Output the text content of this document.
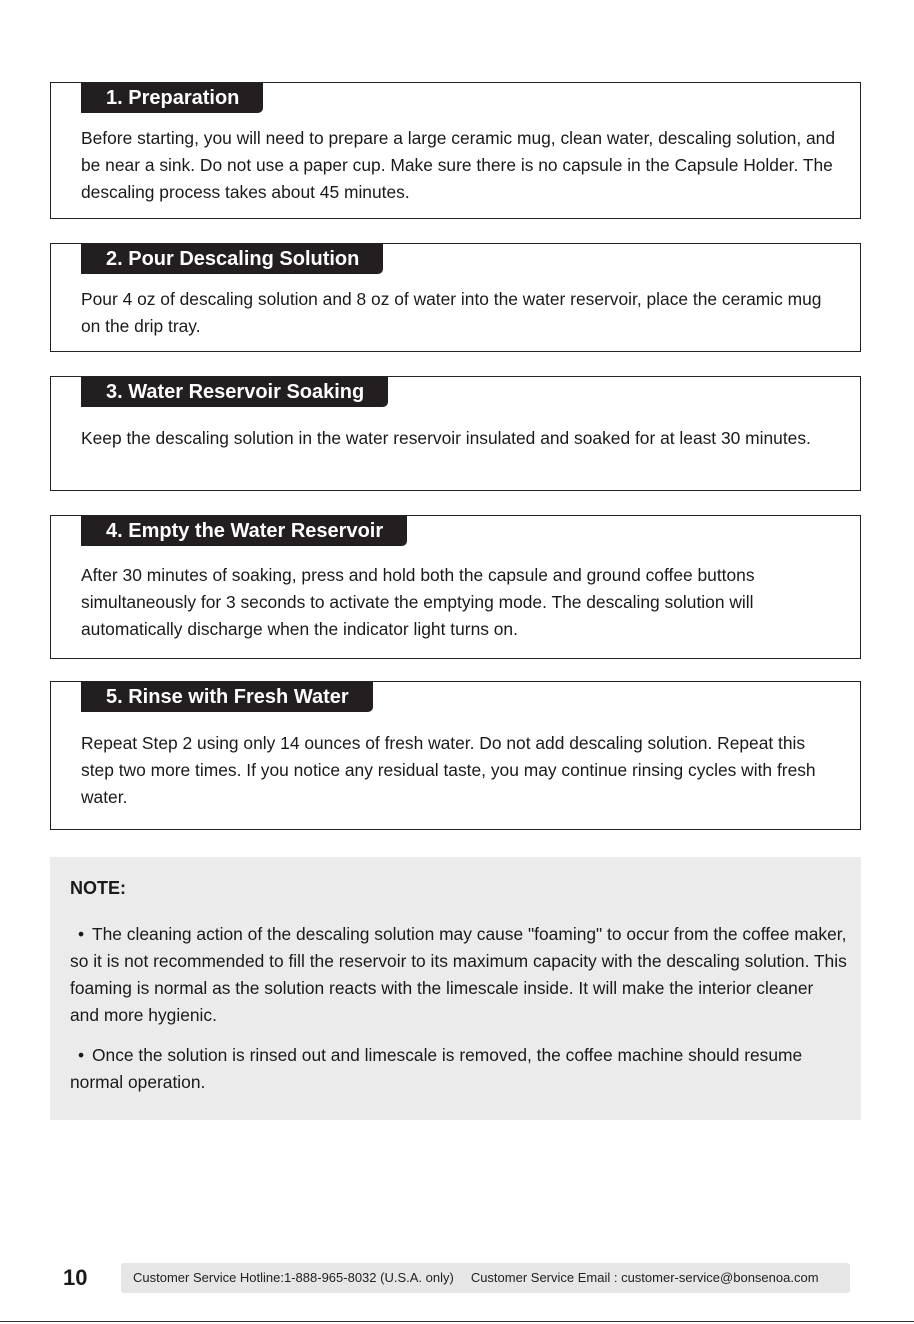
1. Preparation

Before starting, you will need to prepare a large ceramic mug, clean water, descaling solution, and be near a sink. Do not use a paper cup. Make sure there is no capsule in the Capsule Holder. The descaling process takes about 45 minutes.

2. Pour Descaling Solution

Pour 4 oz of descaling solution and 8 oz of water into the water reservoir, place the ceramic mug on the drip tray.

3. Water Reservoir Soaking

Keep the descaling solution in the water reservoir insulated and soaked for at least 30 minutes.

4. Empty the Water Reservoir

After 30 minutes of soaking, press and hold both the capsule and ground coffee buttons simultaneously for 3 seconds to activate the emptying mode. The descaling solution will automatically discharge when the indicator light turns on.

5. Rinse with Fresh Water

Repeat Step 2 using only 14 ounces of fresh water. Do not add descaling solution. Repeat this step two more times. If you notice any residual taste, you may continue rinsing cycles with fresh water.

NOTE:

• The cleaning action of the descaling solution may cause "foaming" to occur from the coffee maker, so it is not recommended to fill the reservoir to its maximum capacity with the descaling solution. This foaming is normal as the solution reacts with the limescale inside. It will make the interior cleaner and more hygienic.

• Once the solution is rinsed out and limescale is removed, the coffee machine should resume normal operation.

10	Customer Service Hotline:1-888-965-8032 (U.S.A. only) Customer Service Email : customer-service@bonsenoa.com
